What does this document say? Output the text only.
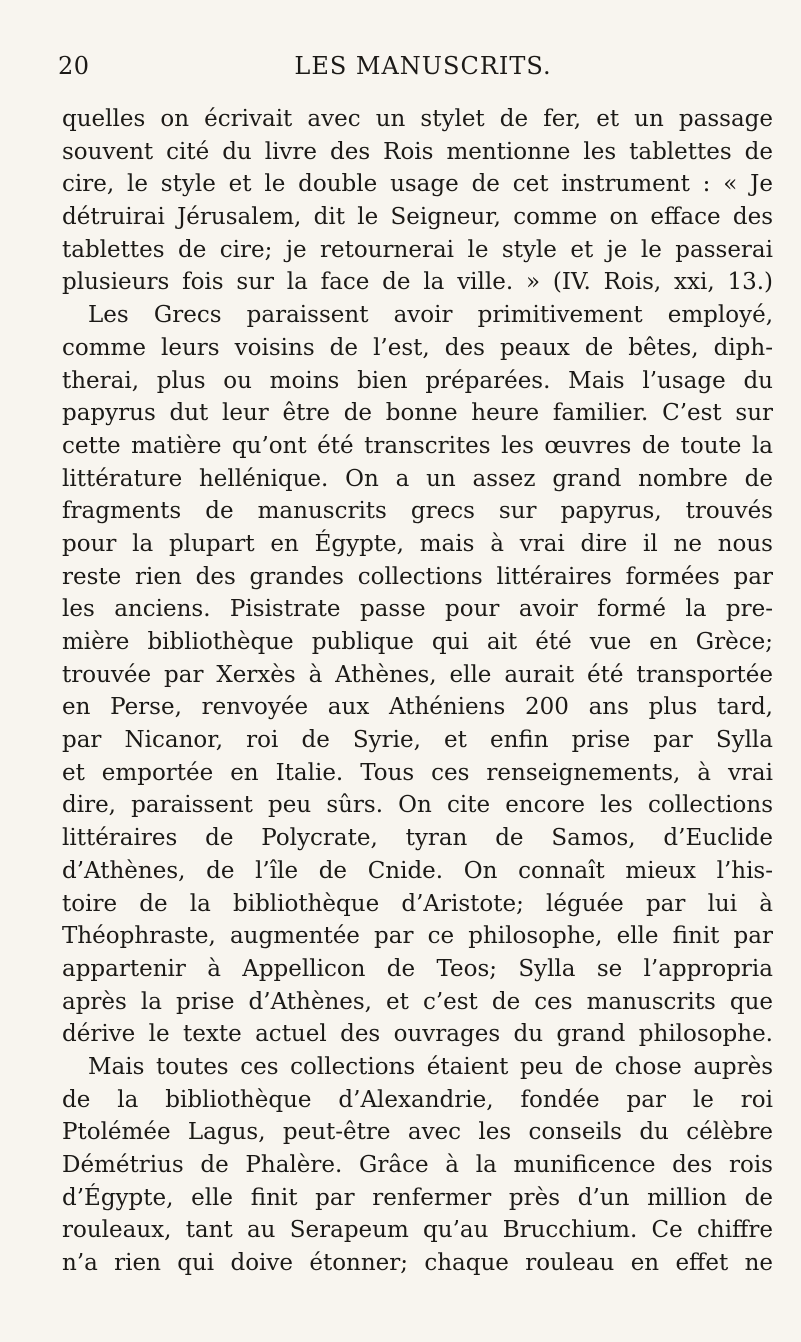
20	LES MANUSCRITS.
quelles on écrivait avec un stylet de fer, et un passage
souvent cité du livre des Rois mentionne les tablettes de
cire, le style et le double usage de cet instrument : « Je
détruirai Jérusalem, dit le Seigneur, comme on efface des
tablettes de cire; je retournerai le style et je le passerai
plusieurs fois sur la face de la ville. » (IV. Rois, xxi, 13.)
Les Grecs paraissent avoir primitivement employé,
comme leurs voisins de l’est, des peaux de bêtes, diph-
therai, plus ou moins bien préparées. Mais l’usage du
papyrus dut leur être de bonne heure familier. C’est sur
cette matière qu’ont été transcrites les œuvres de toute la
littérature hellénique. On a un assez grand nombre de
fragments de manuscrits grecs sur papyrus, trouvés
pour la plupart en Égypte, mais à vrai dire il ne nous
reste rien des grandes collections littéraires formées par
les anciens. Pisistrate passe pour avoir formé la pre-
mière bibliothèque publique qui ait été vue en Grèce;
trouvée par Xerxès à Athènes, elle aurait été transportée
en Perse, renvoyée aux Athéniens 200 ans plus tard,
par Nicanor, roi de Syrie, et enfin prise par Sylla
et emportée en Italie. Tous ces renseignements, à vrai
dire, paraissent peu sûrs. On cite encore les collections
littéraires de Polycrate, tyran de Samos, d’Euclide
d’Athènes, de l’île de Cnide. On connaît mieux l’his-
toire de la bibliothèque d’Aristote; léguée par lui à
Théophraste, augmentée par ce philosophe, elle finit par
appartenir à Appellicon de Teos; Sylla se l’appropria
après la prise d’Athènes, et c’est de ces manuscrits que
dérive le texte actuel des ouvrages du grand philosophe.
Mais toutes ces collections étaient peu de chose auprès
de la bibliothèque d’Alexandrie, fondée par le roi
Ptolémée Lagus, peut-être avec les conseils du célèbre
Démétrius de Phalère. Grâce à la munificence des rois
d’Égypte, elle finit par renfermer près d’un million de
rouleaux, tant au Serapeum qu’au Brucchium. Ce chiffre
n’a rien qui doive étonner; chaque rouleau en effet ne
